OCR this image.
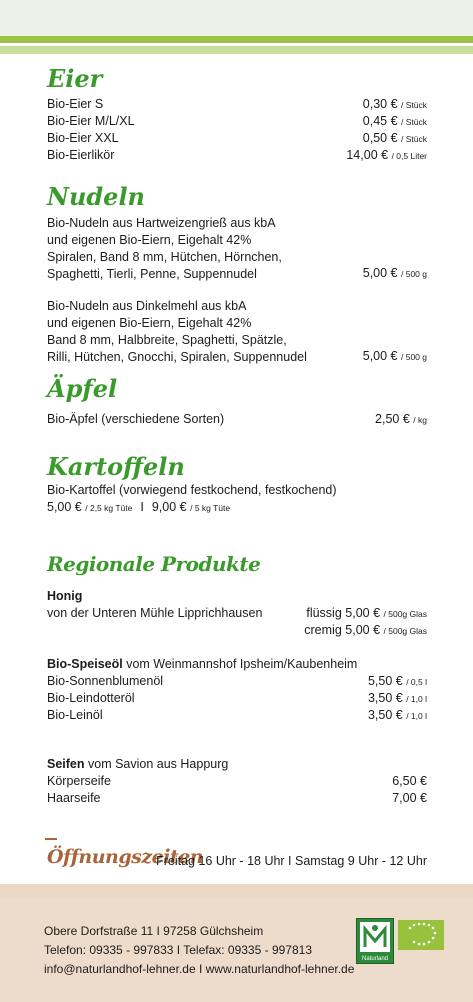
Eier
Bio-Eier S	0,30 € / Stück
Bio-Eier M/L/XL	0,45 € / Stück
Bio-Eier XXL	0,50 € / Stück
Bio-Eierlikör	14,00 € / 0,5 Liter
Nudeln
Bio-Nudeln aus Hartweizengrieß aus kbA
und eigenen Bio-Eiern, Eigehalt 42%
Spiralen, Band 8 mm, Hütchen, Hörnchen,
Spaghetti, Tierli, Penne, Suppennudel	5,00 € / 500 g
Bio-Nudeln aus Dinkelmehl aus kbA
und eigenen Bio-Eiern, Eigehalt 42%
Band 8 mm, Halbbreite, Spaghetti, Spätzle,
Rilli, Hütchen, Gnocchi, Spiralen, Suppennudel	5,00 € / 500 g
Äpfel
Bio-Äpfel (verschiedene Sorten)	2,50 € / kg
Kartoffeln
Bio-Kartoffel (vorwiegend festkochend, festkochend)
5,00 € / 2,5 kg Tüte I 9,00 € / 5 kg Tüte
Regionale Produkte
Honig
von der Unteren Mühle Lipprichhausen	flüssig 5,00 € / 500g Glas
cremig 5,00 € / 500g Glas
Bio-Speiseöl vom Weinmannshof Ipsheim/Kaubenheim
Bio-Sonnenblumenöl	5,50 € / 0,5 l
Bio-Leindotteröl	3,50 € / 1,0 l
Bio-Leinöl	3,50 € / 1,0 l
Seifen vom Savion aus Happurg
Körperseife	6,50 €
Haarseife	7,00 €
Öffnungszeiten
Freitag 16 Uhr - 18 Uhr I Samstag 9 Uhr - 12 Uhr
Obere Dorfstraße 11 I 97258 Gülchsheim
Telefon: 09335 - 997833 I Telefax: 09335 - 997813
info@naturlandhof-lehner.de I www.naturlandhof-lehner.de
Naturland
